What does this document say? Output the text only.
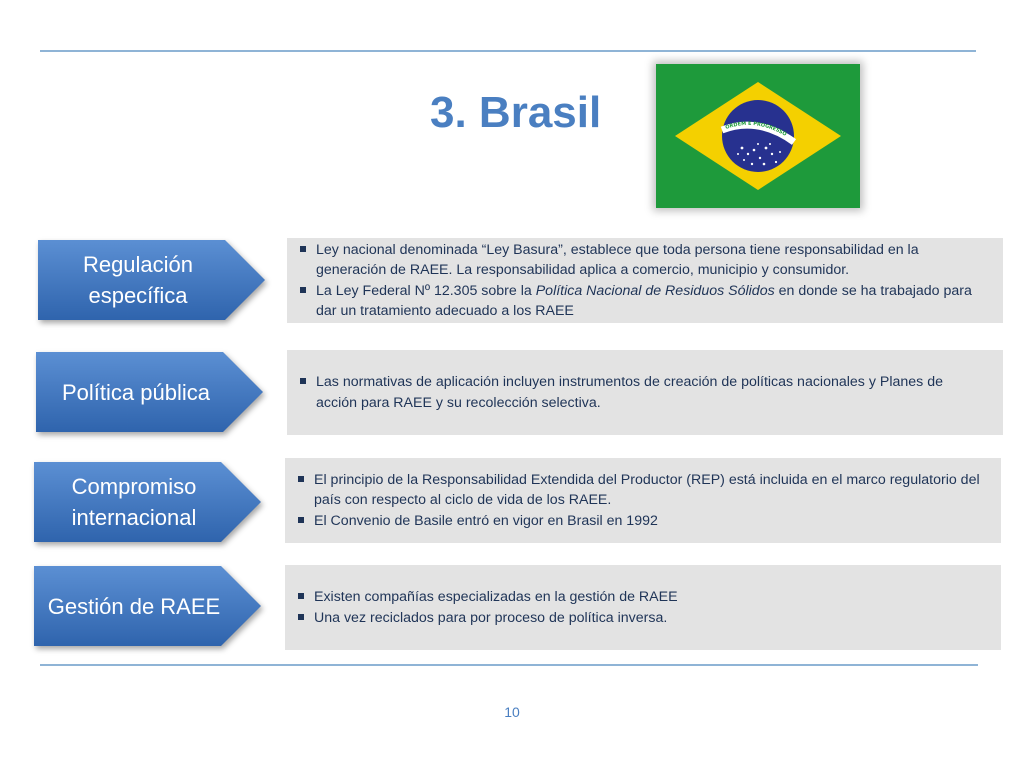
3. Brasil	ORDEM E PROGRESSO
Regulación específica
Ley nacional denominada “Ley Basura”, establece que toda persona tiene responsabilidad en la generación de RAEE. La responsabilidad aplica a comercio, municipio y consumidor.
La Ley Federal Nº 12.305 sobre la Política Nacional de Residuos Sólidos en donde se ha trabajado para dar un tratamiento adecuado a los RAEE
Política pública	Las normativas de aplicación incluyen instrumentos de creación de políticas nacionales y Planes de acción para RAEE y su recolección selectiva.
Compromiso internacional
El principio de la Responsabilidad Extendida del Productor (REP) está incluida en el marco regulatorio del país con respecto al ciclo de vida de los RAEE.
El Convenio de Basile entró en vigor en Brasil en 1992
Gestión de RAEE	Existen compañías especializadas en la gestión de RAEE
Una vez reciclados para por proceso de política inversa.
10
